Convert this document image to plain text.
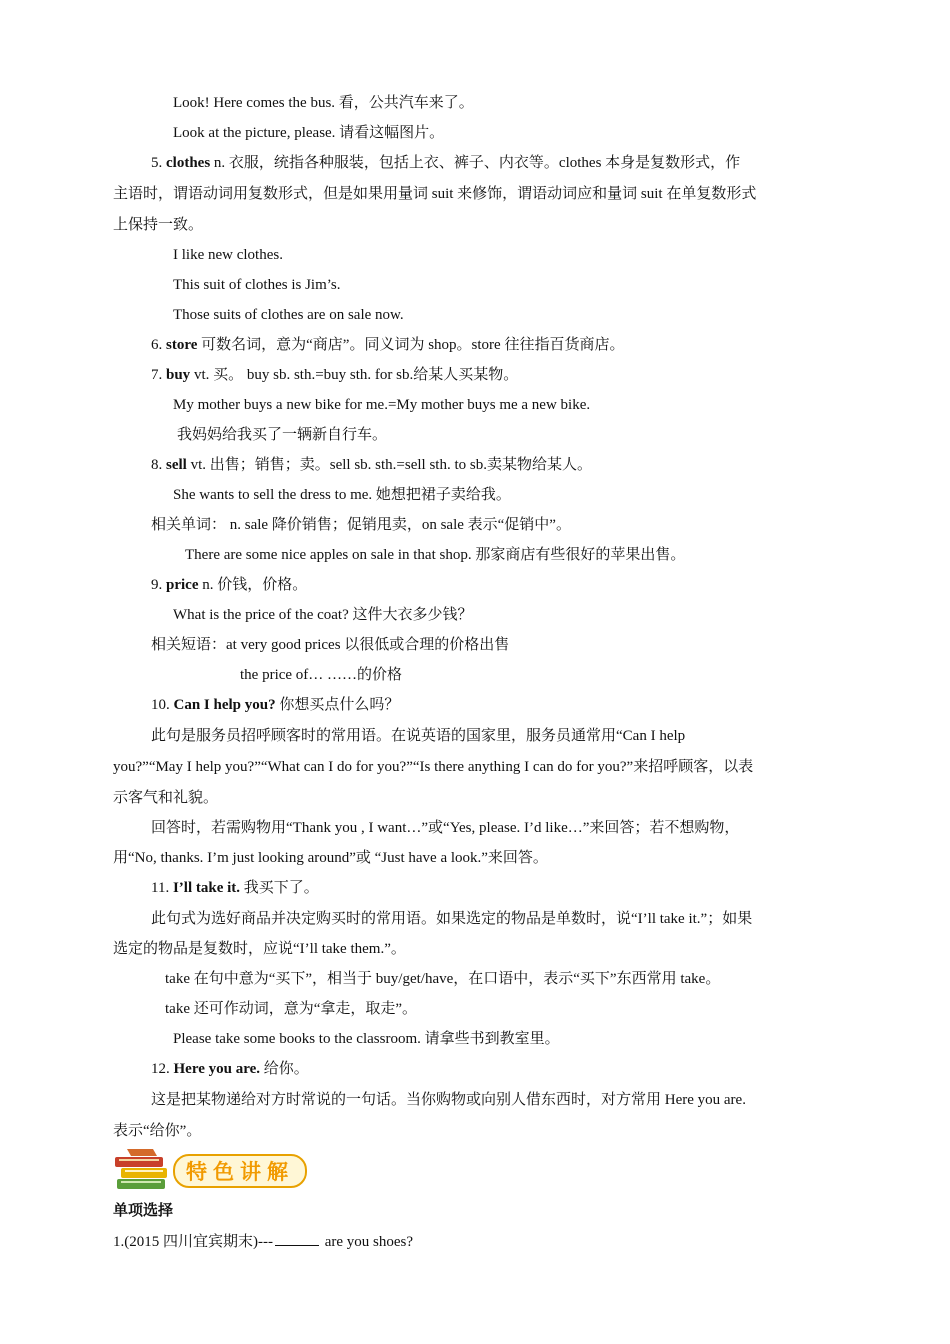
Look! Here comes the bus. 看，公共汽车来了。
Look at the picture, please. 请看这幅图片。
5. clothes n. 衣服，统指各种服装，包括上衣、裤子、内衣等。clothes 本身是复数形式，作
主语时，谓语动词用复数形式，但是如果用量词 suit 来修饰，谓语动词应和量词 suit 在单复数形式
上保持一致。
I like new clothes.
This suit of clothes is Jim’s.
Those suits of clothes are on sale now.
6. store 可数名词，意为“商店”。同义词为 shop。store 往往指百货商店。
7. buy vt. 买。 buy sb. sth.=buy sth. for sb.给某人买某物。
My mother buys a new bike for me.=My mother buys me a new bike.
我妈妈给我买了一辆新自行车。
8. sell vt. 出售；销售；卖。sell sb. sth.=sell sth. to sb.卖某物给某人。
She wants to sell the dress to me. 她想把裙子卖给我。
相关单词： n. sale 降价销售；促销甩卖，on sale 表示“促销中”。
There are some nice apples on sale in that shop. 那家商店有些很好的苹果出售。
9. price n. 价钱，价格。
What is the price of the coat? 这件大衣多少钱？
相关短语：at very good prices 以很低或合理的价格出售
the price of… ……的价格
10. Can I help you? 你想买点什么吗？
此句是服务员招呼顾客时的常用语。在说英语的国家里，服务员通常用“Can I help
you?”“May I help you?”“What can I do for you?”“Is there anything I can do for you?”来招呼顾客，以表
示客气和礼貌。
回答时，若需购物用“Thank you , I want…”或“Yes, please. I’d like…”来回答；若不想购物，
用“No, thanks. I’m just looking around”或 “Just have a look.”来回答。
11. I’ll take it. 我买下了。
此句式为选好商品并决定购买时的常用语。如果选定的物品是单数时，说“I’ll take it.”；如果
选定的物品是复数时，应说“I’ll take them.”。
take 在句中意为“买下”，相当于 buy/get/have，在口语中，表示“买下”东西常用 take。
take 还可作动词，意为“拿走，取走”。
Please take some books to the classroom. 请拿些书到教室里。
12. Here you are. 给你。
这是把某物递给对方时常说的一句话。当你购物或向别人借东西时，对方常用 Here you are.
表示“给你”。
特色讲解
单项选择
1.(2015 四川宜宾期末)---	are you shoes?
